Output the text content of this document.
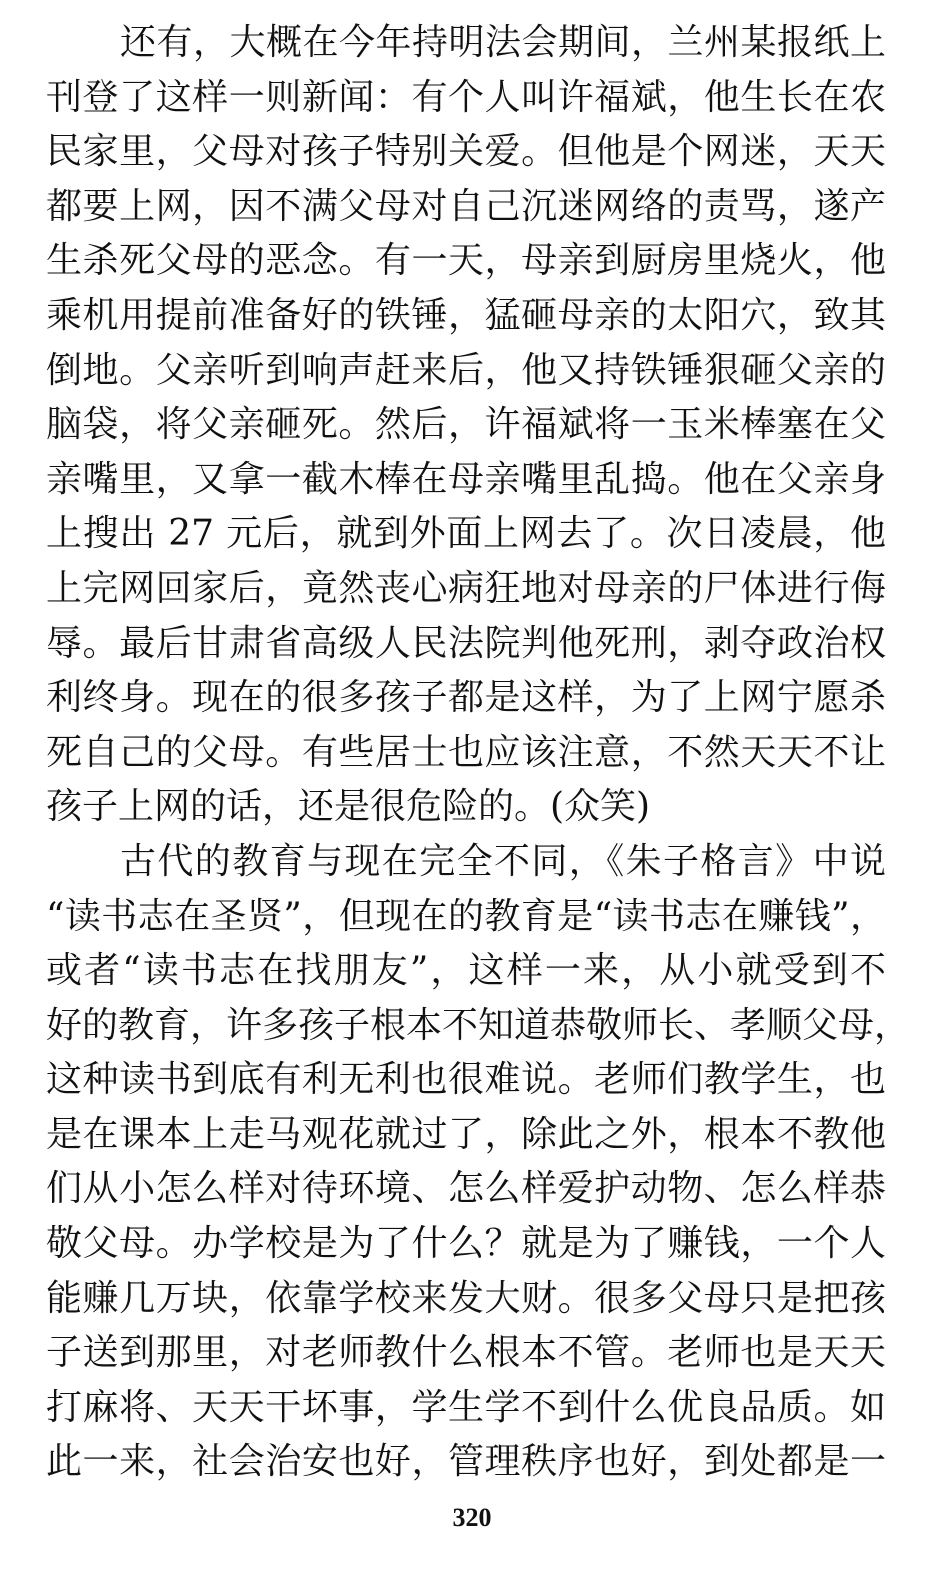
还有，大概在今年持明法会期间，兰州某报纸上
刊登了这样一则新闻：有个人叫许福斌，他生长在农
民家里，父母对孩子特别关爱。但他是个网迷，天天
都要上网，因不满父母对自己沉迷网络的责骂，遂产
生杀死父母的恶念。有一天，母亲到厨房里烧火，他
乘机用提前准备好的铁锤，猛砸母亲的太阳穴，致其
倒地。父亲听到响声赶来后，他又持铁锤狠砸父亲的
脑袋，将父亲砸死。然后，许福斌将一玉米棒塞在父
亲嘴里，又拿一截木棒在母亲嘴里乱捣。他在父亲身
上搜出 27 元后，就到外面上网去了。次日凌晨，他
上完网回家后，竟然丧心病狂地对母亲的尸体进行侮
辱。最后甘肃省高级人民法院判他死刑，剥夺政治权
利终身。现在的很多孩子都是这样，为了上网宁愿杀
死自己的父母。有些居士也应该注意，不然天天不让
孩子上网的话，还是很危险的。(众笑)
古代的教育与现在完全不同，《朱子格言》中说
“读书志在圣贤”，但现在的教育是“读书志在赚钱”，
或者“读书志在找朋友”，这样一来，从小就受到不
好的教育，许多孩子根本不知道恭敬师长、孝顺父母，
这种读书到底有利无利也很难说。老师们教学生，也
是在课本上走马观花就过了，除此之外，根本不教他
们从小怎么样对待环境、怎么样爱护动物、怎么样恭
敬父母。办学校是为了什么？就是为了赚钱，一个人
能赚几万块，依靠学校来发大财。很多父母只是把孩
子送到那里，对老师教什么根本不管。老师也是天天
打麻将、天天干坏事，学生学不到什么优良品质。如
此一来，社会治安也好，管理秩序也好，到处都是一
320
